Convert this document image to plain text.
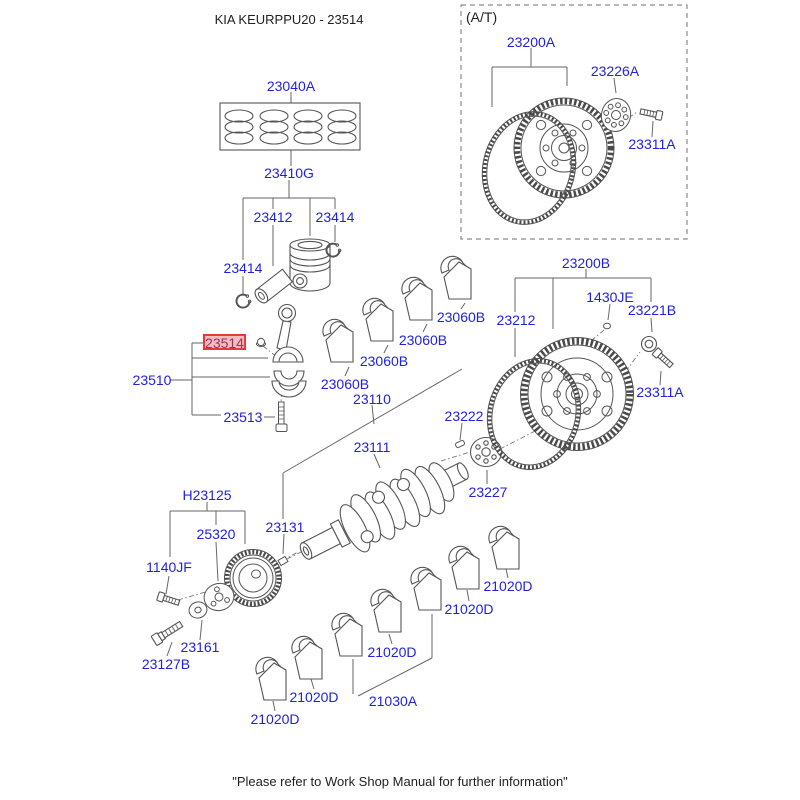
KIA KEURPPU20 - 23514	(A/T)
23200A
23226A
23311A
23040A
23410G
23412 23414
23414
23514
23510
23513
23060B
23060B
23060B
23060B
23110
23111
23222
23227
23200B
1430JE
23221B
23212
23311A
23131
H23125
25320
1140JF
23161
23127B
21020D
21020D
21020D
21020D
21020D
21030A
"Please refer to Work Shop Manual for further information"
